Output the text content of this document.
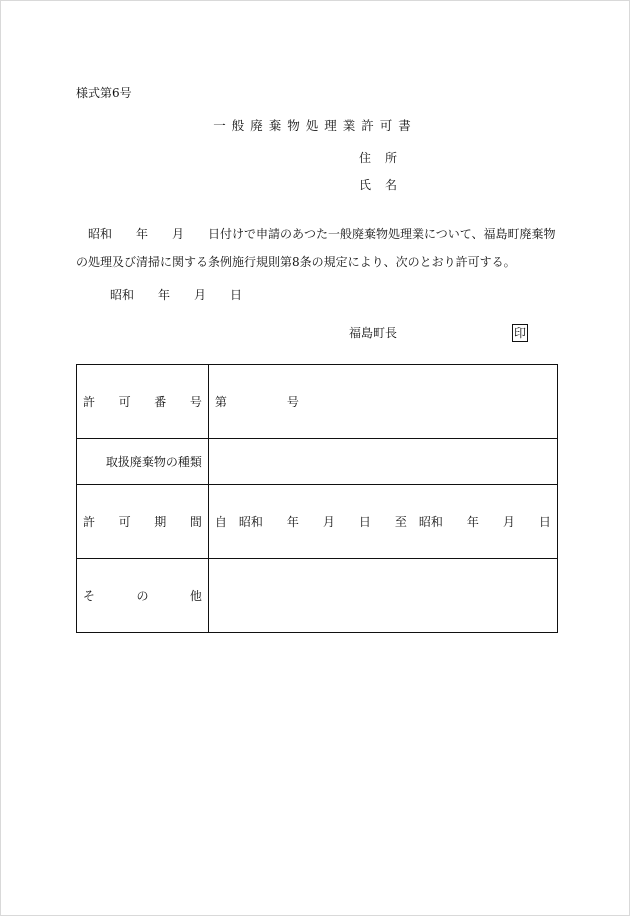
様式第6号
一般廃棄物処理業許可書
住所
氏名
　昭和　　年　　月　　日付けで申請のあつた一般廃棄物処理業について、福島町廃棄物
の処理及び清掃に関する条例施行規則第8条の規定により、次のとおり許可する。
昭和　　年　　月　　日
福島町長	印

許 可 番 号	第　　　　　号

取扱廃棄物の種類

許 可 期 間	自　昭和　　年　　月　　日　　至　昭和　　年　　月　　日

そ の 他	
